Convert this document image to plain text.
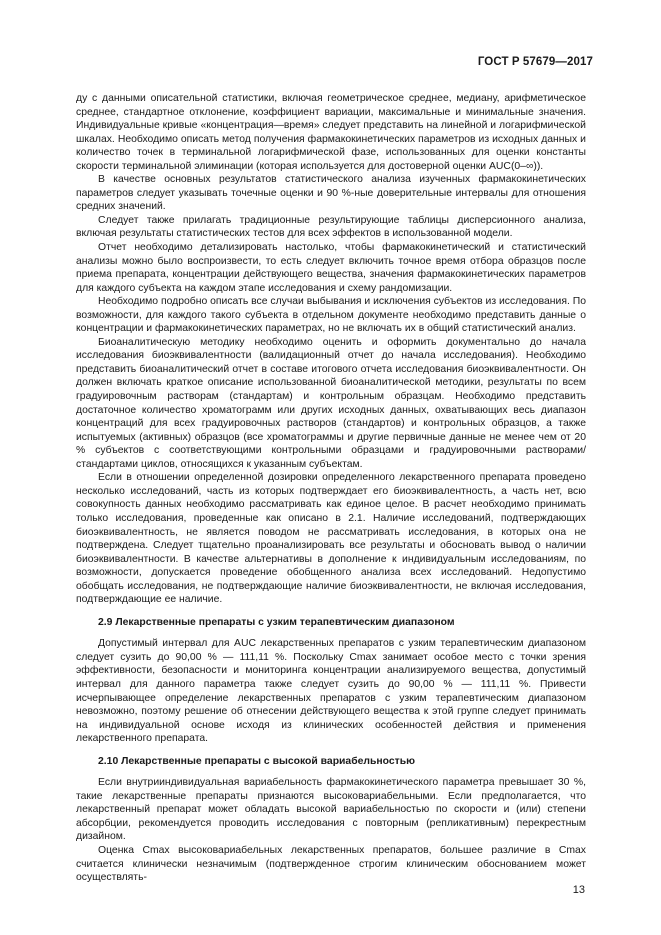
ГОСТ Р 57679—2017

ду с данными описательной статистики, включая геометрическое среднее, медиану, арифметическое среднее, стандартное отклонение, коэффициент вариации, максимальные и минимальные значения. Индивидуальные кривые «концентрация—время» следует представить на линейной и логарифмической шкалах. Необходимо описать метод получения фармакокинетических параметров из исходных данных и количество точек в терминальной логарифмической фазе, использованных для оценки константы скорости терминальной элиминации (которая используется для достоверной оценки AUC(0–∞)).

В качестве основных результатов статистического анализа изученных фармакокинетических параметров следует указывать точечные оценки и 90 %-ные доверительные интервалы для отношения средних значений.

Следует также прилагать традиционные результирующие таблицы дисперсионного анализа, включая результаты статистических тестов для всех эффектов в использованной модели.

Отчет необходимо детализировать настолько, чтобы фармакокинетический и статистический анализы можно было воспроизвести, то есть следует включить точное время отбора образцов после приема препарата, концентрации действующего вещества, значения фармакокинетических параметров для каждого субъекта на каждом этапе исследования и схему рандомизации.

Необходимо подробно описать все случаи выбывания и исключения субъектов из исследования. По возможности, для каждого такого субъекта в отдельном документе необходимо представить данные о концентрации и фармакокинетических параметрах, но не включать их в общий статистический анализ.

Биоаналитическую методику необходимо оценить и оформить документально до начала исследования биоэквивалентности (валидационный отчет до начала исследования). Необходимо представить биоаналитический отчет в составе итогового отчета исследования биоэквивалентности. Он должен включать краткое описание использованной биоаналитической методики, результаты по всем градуировочным растворам (стандартам) и контрольным образцам. Необходимо представить достаточное количество хроматограмм или других исходных данных, охватывающих весь диапазон концентраций для всех градуировочных растворов (стандартов) и контрольных образцов, а также испытуемых (активных) образцов (все хроматограммы и другие первичные данные не менее чем от 20 % субъектов с соответствующими контрольными образцами и градуировочными растворами/стандартами циклов, относящихся к указанным субъектам.

Если в отношении определенной дозировки определенного лекарственного препарата проведено несколько исследований, часть из которых подтверждает его биоэквивалентность, а часть нет, всю совокупность данных необходимо рассматривать как единое целое. В расчет необходимо принимать только исследования, проведенные как описано в 2.1. Наличие исследований, подтверждающих биоэквивалентность, не является поводом не рассматривать исследования, в которых она не подтверждена. Следует тщательно проанализировать все результаты и обосновать вывод о наличии биоэквивалентности. В качестве альтернативы в дополнение к индивидуальным исследованиям, по возможности, допускается проведение обобщенного анализа всех исследований. Недопустимо обобщать исследования, не подтверждающие наличие биоэквивалентности, не включая исследования, подтверждающие ее наличие.

2.9 Лекарственные препараты с узким терапевтическим диапазоном

Допустимый интервал для AUC лекарственных препаратов с узким терапевтическим диапазоном следует сузить до 90,00 % — 111,11 %. Поскольку Cmax занимает особое место с точки зрения эффективности, безопасности и мониторинга концентрации анализируемого вещества, допустимый интервал для данного параметра также следует сузить до 90,00 % — 111,11 %. Привести исчерпывающее определение лекарственных препаратов с узким терапевтическим диапазоном невозможно, поэтому решение об отнесении действующего вещества к этой группе следует принимать на индивидуальной основе исходя из клинических особенностей действия и применения лекарственного препарата.

2.10 Лекарственные препараты с высокой вариабельностью

Если внутрииндивидуальная вариабельность фармакокинетического параметра превышает 30 %, такие лекарственные препараты признаются высоковариабельными. Если предполагается, что лекарственный препарат может обладать высокой вариабельностью по скорости и (или) степени абсорбции, рекомендуется проводить исследования с повторным (репликативным) перекрестным дизайном.

Оценка Cmax высоковариабельных лекарственных препаратов, большее различие в Cmax считается клинически незначимым (подтвержденное строгим клиническим обоснованием может осуществлять-

13
